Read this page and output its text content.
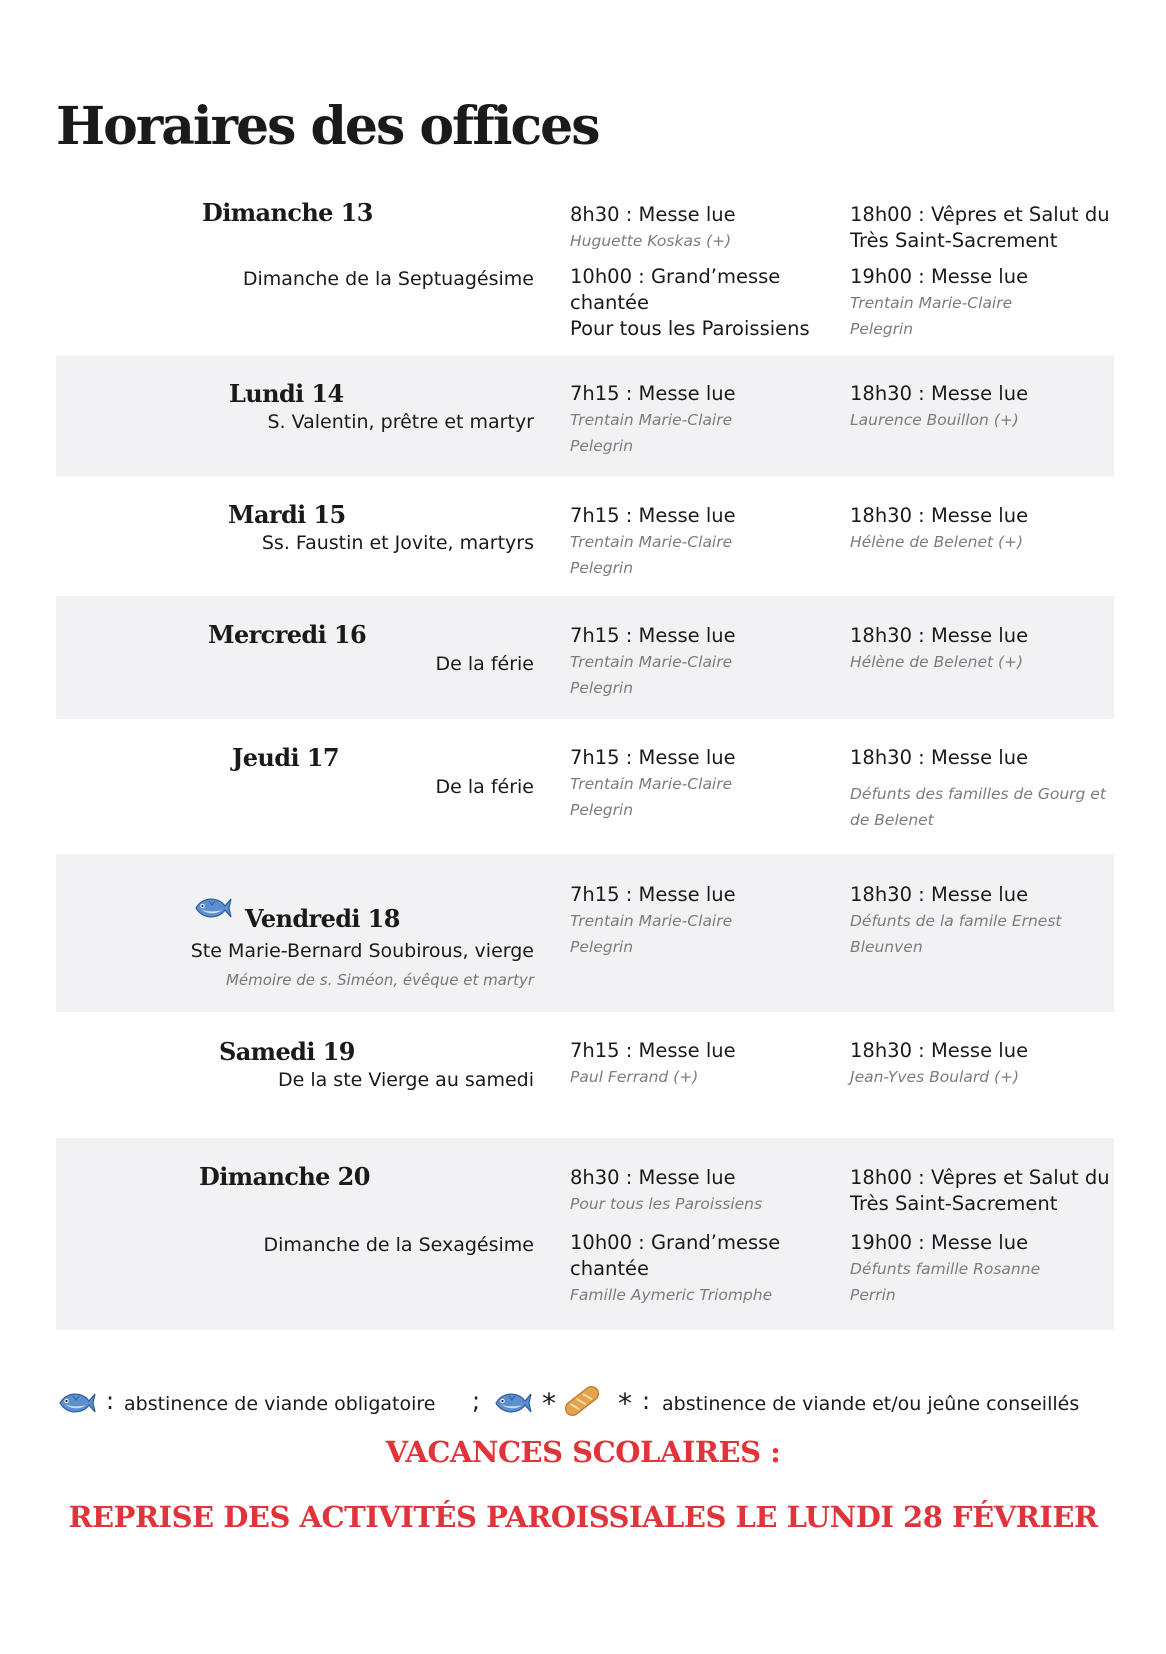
Horaires des offices
Dimanche 13
Dimanche de la Septuagésime
8h30 : Messe lue
Huguette Koskas (+)
10h00 : Grand’messe chantée
Pour tous les Paroissiens
18h00 : Vêpres et Salut du Très Saint-Sacrement
19h00 : Messe lue
Trentain Marie-Claire Pelegrin
Lundi 14
S. Valentin, prêtre et martyr
7h15 : Messe lue
Trentain Marie-Claire Pelegrin
18h30 : Messe lue
Laurence Bouillon (+)
Mardi 15
Ss. Faustin et Jovite, martyrs
7h15 : Messe lue
Trentain Marie-Claire Pelegrin
18h30 : Messe lue
Hélène de Belenet (+)
Mercredi 16
De la férie
7h15 : Messe lue
Trentain Marie-Claire Pelegrin
18h30 : Messe lue
Hélène de Belenet (+)
Jeudi 17
De la férie
7h15 : Messe lue
Trentain Marie-Claire Pelegrin
18h30 : Messe lue
Défunts des familles de Gourg et de Belenet
Vendredi 18
Ste Marie-Bernard Soubirous, vierge
Mémoire de s. Siméon, évêque et martyr
7h15 : Messe lue
Trentain Marie-Claire Pelegrin
18h30 : Messe lue
Défunts de la famile Ernest Bleunven
Samedi 19
De la ste Vierge au samedi
7h15 : Messe lue
Paul Ferrand (+)
18h30 : Messe lue
Jean-Yves Boulard (+)
Dimanche 20
Dimanche de la Sexagésime
8h30 : Messe lue
Pour tous les Paroissiens
10h00 : Grand’messe chantée
Famille Aymeric Triomphe
18h00 : Vêpres et Salut du Très Saint-Sacrement
19h00 : Messe lue
Défunts famille Rosanne Perrin
: abstinence de viande obligatoire ; * * : abstinence de viande et/ou jeûne conseillés
VACANCES SCOLAIRES :
REPRISE DES ACTIVITÉS PAROISSIALES LE LUNDI 28 FÉVRIER
